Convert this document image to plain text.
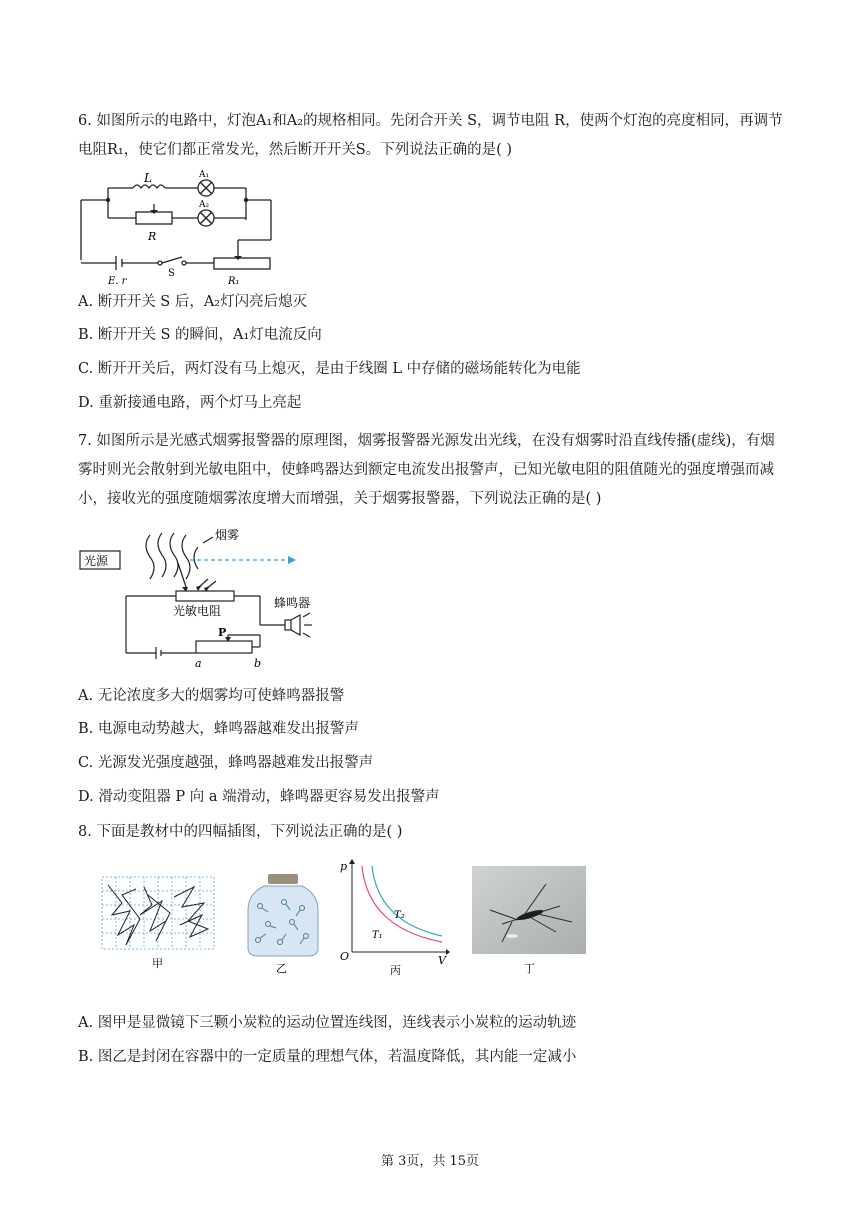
6. 如图所示的电路中，灯泡A₁和A₂的规格相同。先闭合开关 S，调节电阻 R，使两个灯泡的亮度相同，再调节电阻R₁，使它们都正常发光，然后断开开关S。下列说法正确的是( )
L	A₁
A₂
R
E. r
S
R₁
A. 断开开关 S 后，A₂灯闪亮后熄灭
B. 断开开关 S 的瞬间，A₁灯电流反向
C. 断开开关后，两灯没有马上熄灭，是由于线圈 L 中存储的磁场能转化为电能
D. 重新接通电路，两个灯马上亮起
7. 如图所示是光感式烟雾报警器的原理图，烟雾报警器光源发出光线，在没有烟雾时沿直线传播(虚线)，有烟雾时则光会散射到光敏电阻中，使蜂鸣器达到额定电流发出报警声，已知光敏电阻的阻值随光的强度增强而减小，接收光的强度随烟雾浓度增大而增强，关于烟雾报警器，下列说法正确的是( )
光源
烟雾
光敏电阻
蜂鸣器
P
a	b
A. 无论浓度多大的烟雾均可使蜂鸣器报警
B. 电源电动势越大，蜂鸣器越难发出报警声
C. 光源发光强度越强，蜂鸣器越难发出报警声
D. 滑动变阻器 P 向 a 端滑动，蜂鸣器更容易发出报警声
8. 下面是教材中的四幅插图，下列说法正确的是( )
甲	乙
p
O	V
T₁
T₂
丙	丁
A. 图甲是显微镜下三颗小炭粒的运动位置连线图，连线表示小炭粒的运动轨迹
B. 图乙是封闭在容器中的一定质量的理想气体，若温度降低，其内能一定减小
第 3页，共 15页
